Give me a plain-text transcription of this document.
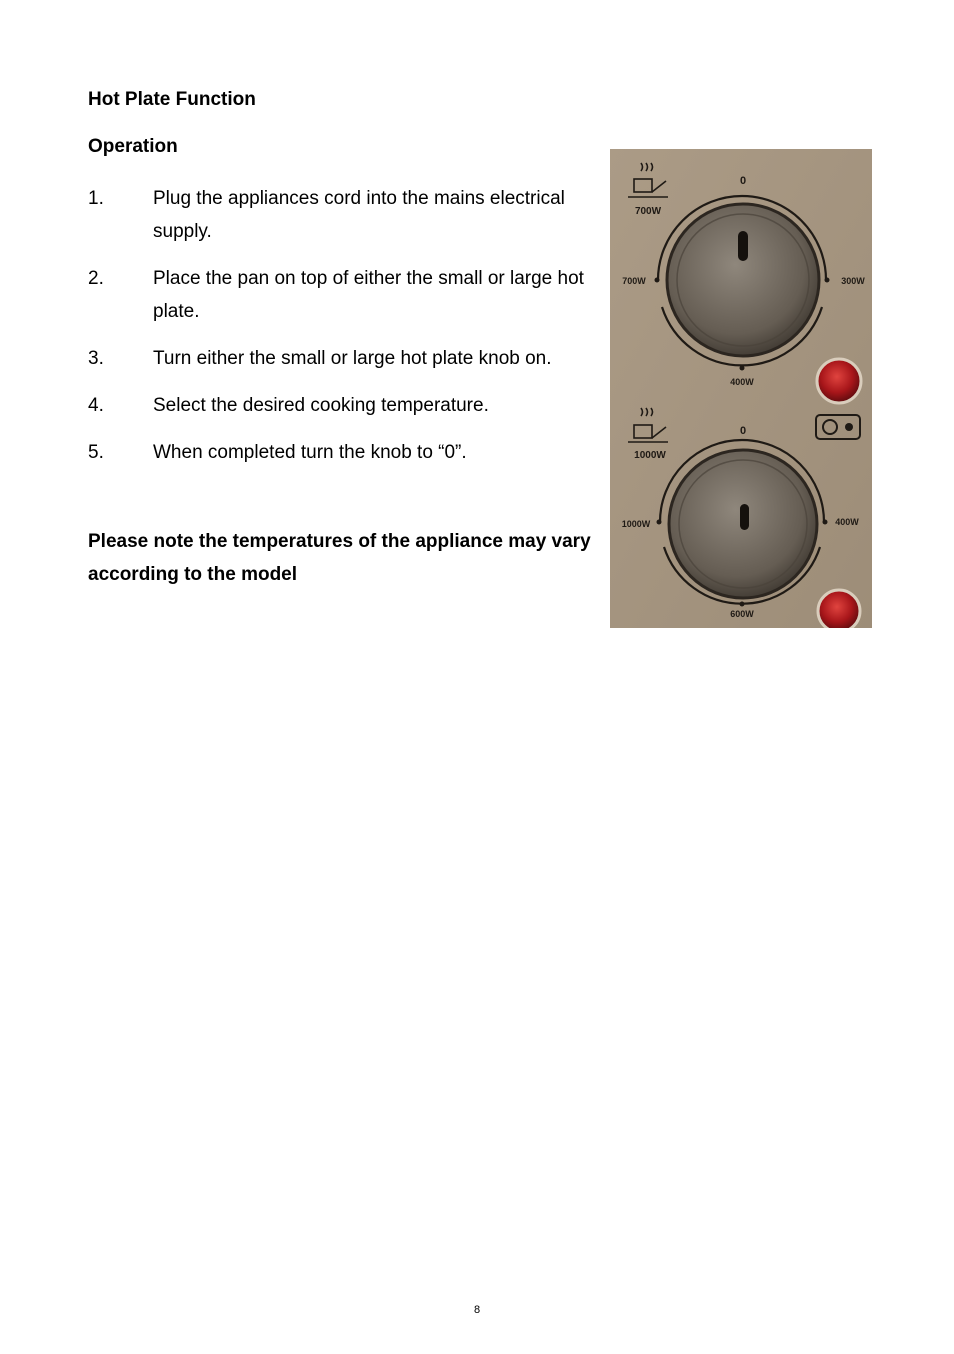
Hot Plate Function
Operation
1.	Plug the appliances cord into the mains electrical supply.
2.	Place the pan on top of either the small or large hot plate.
3.	Turn either the small or large hot plate knob on.
4.	Select the desired cooking temperature.
5.	When completed turn the knob to “0”.

Please note the temperatures of the appliance may vary according to the model

700W
0
700W	300W
400W
1000W
0
1000W	400W
600W
8
